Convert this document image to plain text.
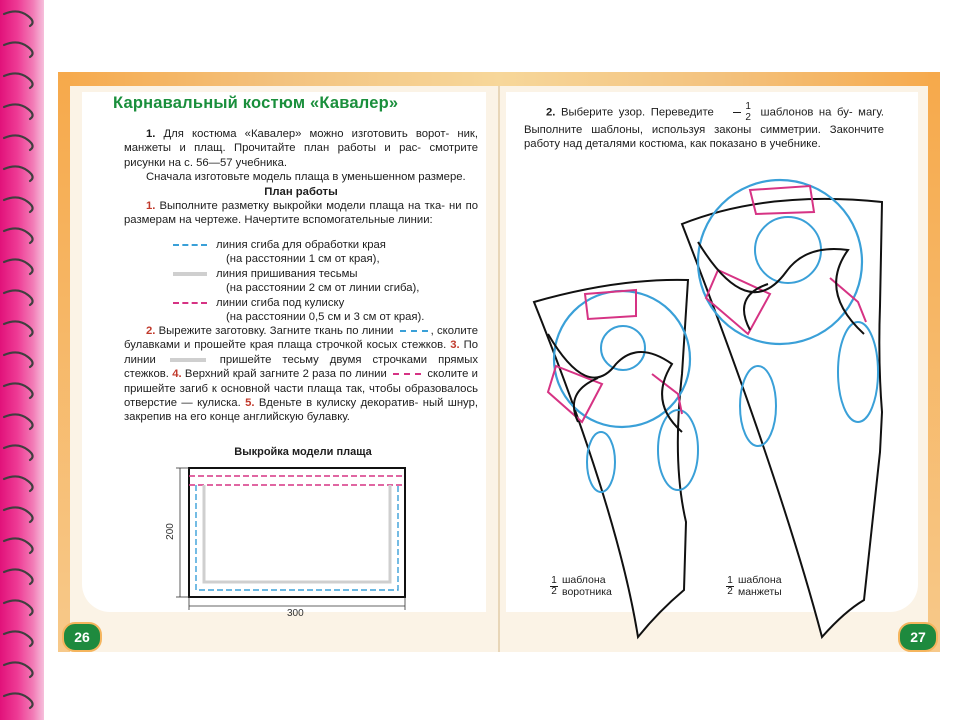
Карнавальный костюм «Кавалер»

1. Для костюма «Кавалер» можно изготовить ворот- ник, манжеты и плащ. Прочитайте план работы и рас- смотрите рисунки на с. 56—57 учебника.

Сначала изготовьте модель плаща в уменьшенном размере.

План работы

1. Выполните разметку выкройки модели плаща на тка- ни по размерам на чертеже. Начертите вспомогательные линии:

линия сгиба для обработки края
(на расстоянии 1 см от края),
линия пришивания тесьмы
(на расстоянии 2 см от линии сгиба),
линии сгиба под кулиску
(на расстоянии 0,5 см и 3 см от края).

2. Вырежите заготовку. Загните ткань по линии	, сколите булавками и прошейте края плаща строчкой косых стежков. 3. По линии	пришейте тесьму двумя строчками прямых стежков. 4. Верхний край загните 2 раза по линии	сколите и пришейте загиб к основной части плаща так, чтобы образовалось отверстие — кулиска. 5. Вденьте в кулиску декоратив- ный шнур, закрепив на его конце английскую булавку.

Выкройка модели плаща

200
300
26

2. Выберите узор. Переведите $\frac{1}{2}$ шаблонов на бу- магу. Выполните шаблоны, используя законы симметрии. Закончите работу над деталями костюма, как показано в учебнике.

$\frac{1}{2}$ шаблона
воротника	$\frac{1}{2}$ шаблона
манжеты
27
